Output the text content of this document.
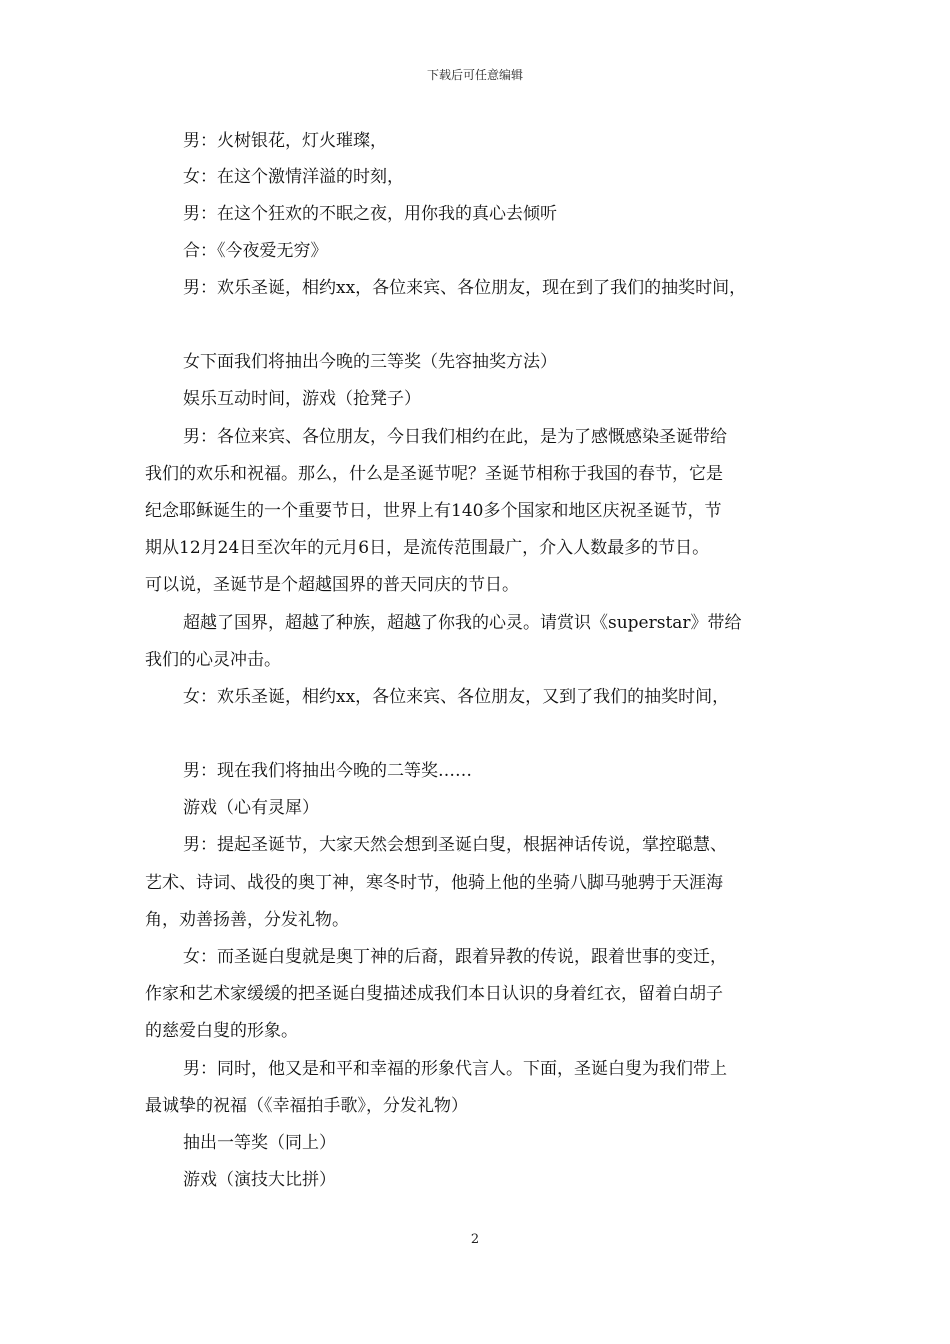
下载后可任意编辑
男：火树银花，灯火璀璨，
女：在这个激情洋溢的时刻，
男：在这个狂欢的不眠之夜，用你我的真心去倾听
合：《今夜爱无穷》
男：欢乐圣诞，相约xx，各位来宾、各位朋友，现在到了我们的抽奖时间，
女下面我们将抽出今晚的三等奖（先容抽奖方法）
娱乐互动时间，游戏（抢凳子）
男：各位来宾、各位朋友，今日我们相约在此，是为了感慨感染圣诞带给
我们的欢乐和祝福。那么，什么是圣诞节呢？圣诞节相称于我国的春节，它是
纪念耶稣诞生的一个重要节日，世界上有140多个国家和地区庆祝圣诞节，节
期从12月24日至次年的元月6日，是流传范围最广，介入人数最多的节日。
可以说，圣诞节是个超越国界的普天同庆的节日。
超越了国界，超越了种族，超越了你我的心灵。请赏识《superstar》带给
我们的心灵冲击。
女：欢乐圣诞，相约xx，各位来宾、各位朋友，又到了我们的抽奖时间，
男：现在我们将抽出今晚的二等奖……
游戏（心有灵犀）
男：提起圣诞节，大家天然会想到圣诞白叟，根据神话传说，掌控聪慧、
艺术、诗词、战役的奥丁神，寒冬时节，他骑上他的坐骑八脚马驰骋于天涯海
角，劝善扬善，分发礼物。
女：而圣诞白叟就是奥丁神的后裔，跟着异教的传说，跟着世事的变迁，
作家和艺术家缓缓的把圣诞白叟描述成我们本日认识的身着红衣，留着白胡子
的慈爱白叟的形象。
男：同时，他又是和平和幸福的形象代言人。下面，圣诞白叟为我们带上
最诚挚的祝福（《幸福拍手歌》，分发礼物）
抽出一等奖（同上）
游戏（演技大比拼）
2
